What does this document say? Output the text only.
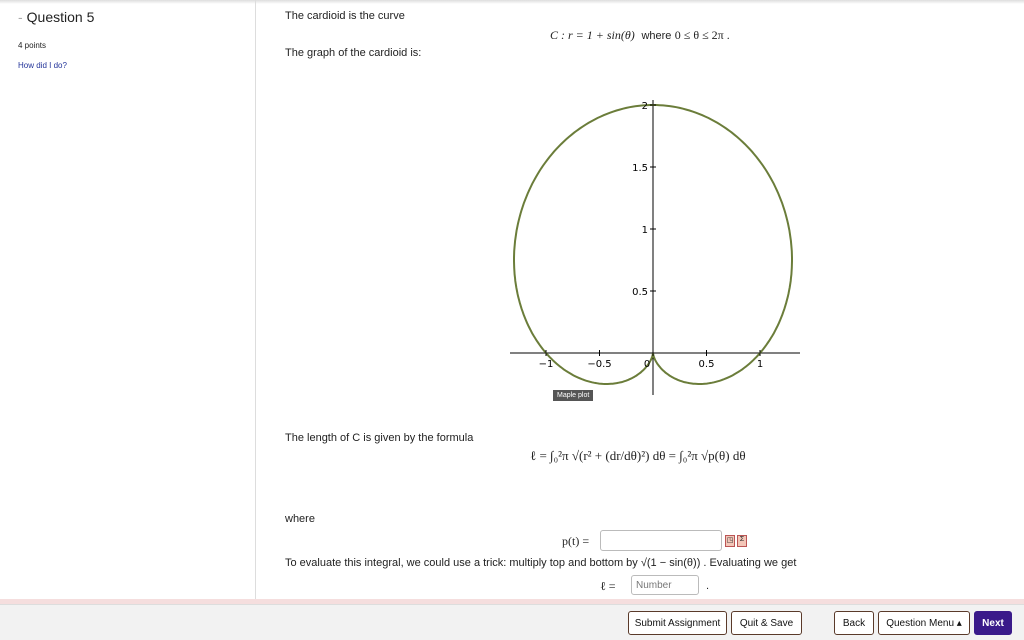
- Question 5
4 points
How did I do?
The cardioid is the curve
C : r = 1 + sin(θ) where 0 ≤ θ ≤ 2π .
The graph of the cardioid is:
−1	−0.5	0	0.5	1
0.5
1
1.5
2
Maple plot
The length of C is given by the formula
ℓ = ∫₀²π √(r² + (dr/dθ)²) dθ = ∫₀²π √p(θ) dθ
where
p(t) =	◳ Σ
To evaluate this integral, we could use a trick: multiply top and bottom by √(1 − sin(θ)) . Evaluating we get
ℓ =	Number	.
Submit Assignment	Quit & Save	Back	Question Menu ▴	Next
